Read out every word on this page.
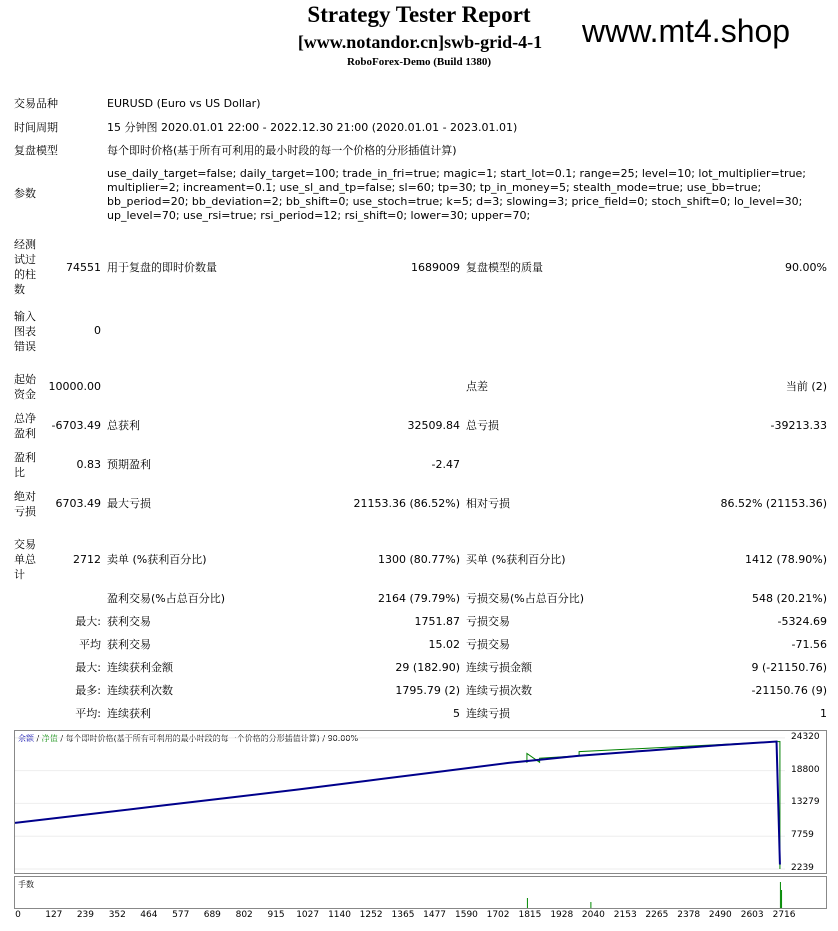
Strategy Tester Report
[www.notandor.cn]swb-grid-4-1
RoboForex-Demo (Build 1380)
www.mt4.shop
交易品种	EURUSD (Euro vs US Dollar)
时间周期	15 分钟图 2020.01.01 22:00 - 2022.12.30 21:00 (2020.01.01 - 2023.01.01)
复盘模型	每个即时价格(基于所有可利用的最小时段的每一个价格的分形插值计算)
参数
use_daily_target=false; daily_target=100; trade_in_fri=true; magic=1; start_lot=0.1; range=25; level=10; lot_multiplier=true; multiplier=2; increament=0.1; use_sl_and_tp=false; sl=60; tp=30; tp_in_money=5; stealth_mode=true; use_bb=true; bb_period=20; bb_deviation=2; bb_shift=0; use_stoch=true; k=5; d=3; slowing=3; price_field=0; stoch_shift=0; lo_level=30; up_level=70; use_rsi=true; rsi_period=12; rsi_shift=0; lower=30; upper=70;
经测试过的柱数
74551 用于复盘的即时价数量	1689009 复盘模型的质量	90.00%
输入图表错误
0
起始资金
10000.00	点差	当前 (2)
总净盈利
-6703.49 总获利	32509.84 总亏损	-39213.33
盈利比
0.83 预期盈利	-2.47
绝对亏损
6703.49 最大亏损	21153.36 (86.52%) 相对亏损	86.52% (21153.36)
交易单总计
2712 卖单 (%获利百分比)	1300 (80.77%) 买单 (%获利百分比)	1412 (78.90%)
盈利交易(%占总百分比)	2164 (79.79%) 亏损交易(%占总百分比)	548 (20.21%)
最大: 获利交易	1751.87 亏损交易	-5324.69
平均 获利交易	15.02 亏损交易	-71.56
最大: 连续获利金额	29 (182.90) 连续亏损金额	9 (-21150.76)
最多: 连续获利次数	1795.79 (2) 连续亏损次数	-21150.76 (9)
平均: 连续获利	5 连续亏损	1
余额 / 净值 / 每个即时价格(基于所有可利用的最小时段的每一个价格的分形插值计算) / 90.00%
手数
24320
18800
13279
7759
2239
0	127 239 352 464 577 689 802 915 1027 1140 1252 1365 1477 1590 1702 1815 1928 2040 2153 2265 2378 2490 2603 2716
